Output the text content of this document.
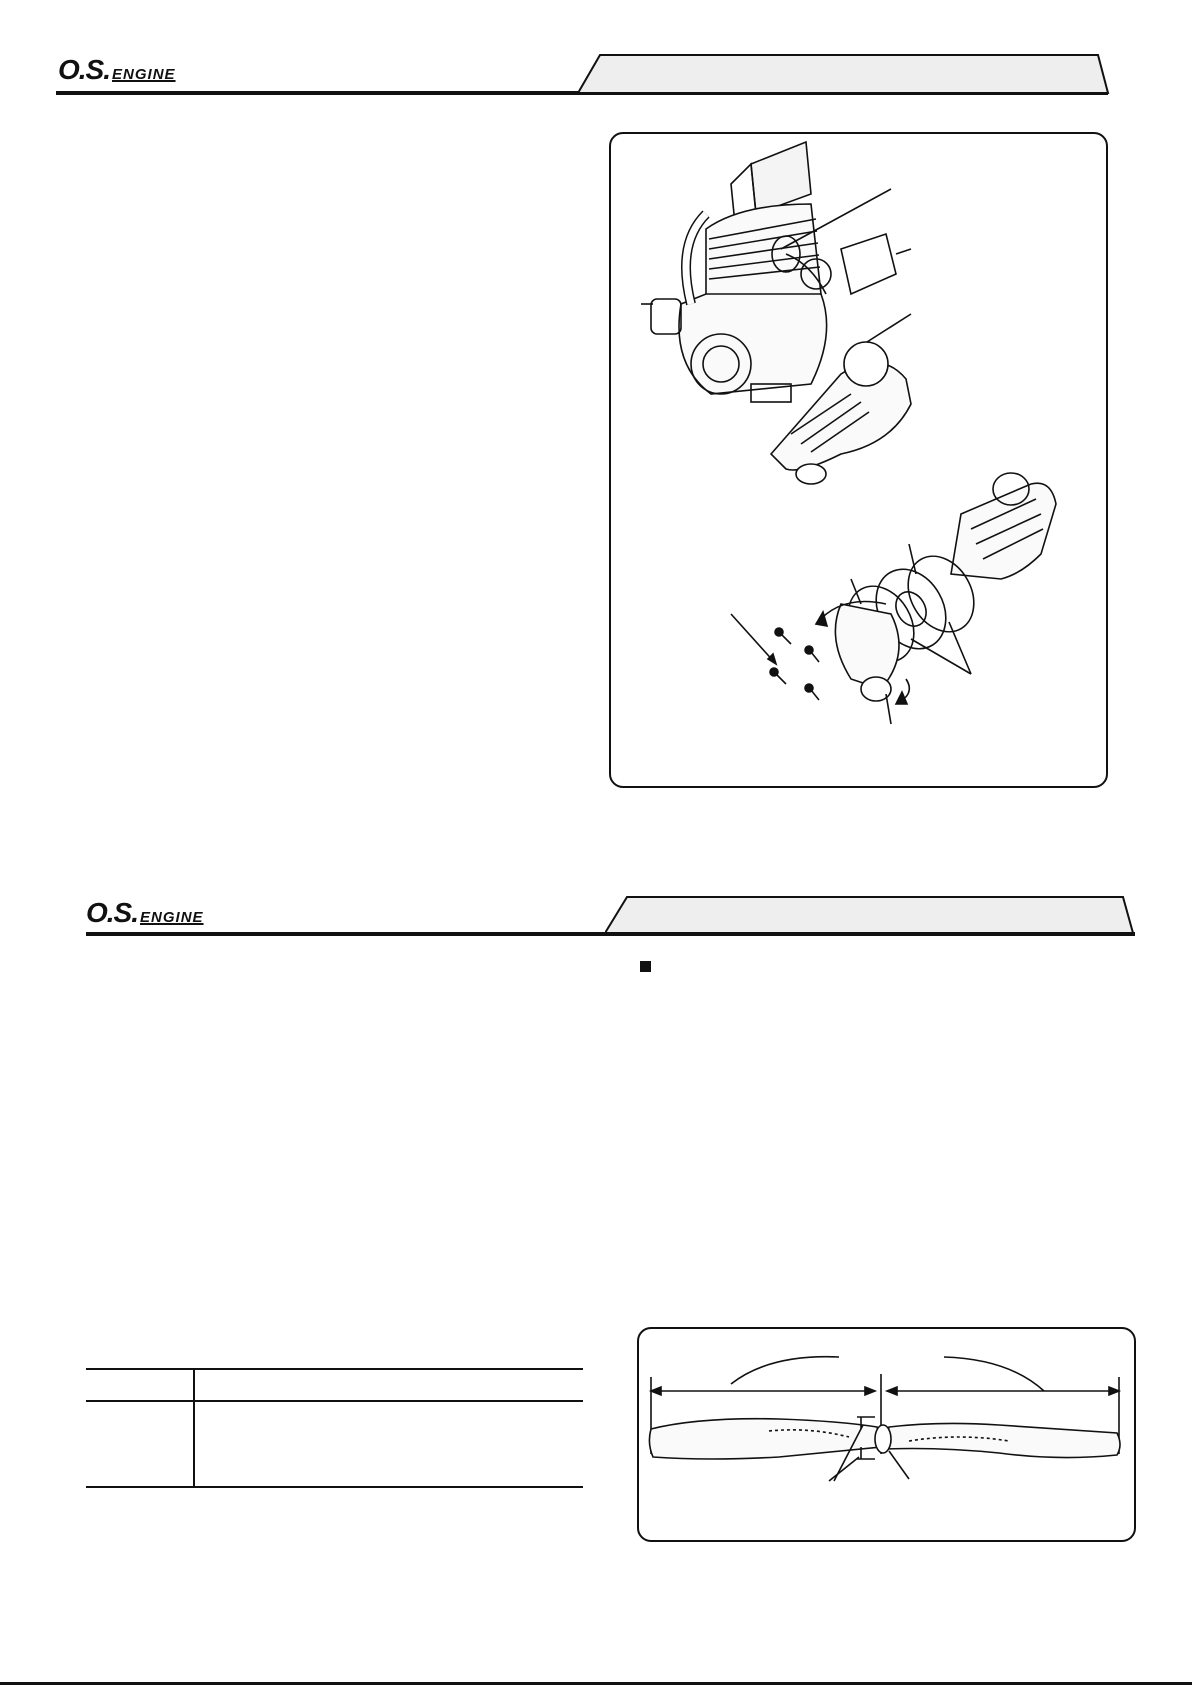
O.S. ENGINE
O.S. ENGINE
